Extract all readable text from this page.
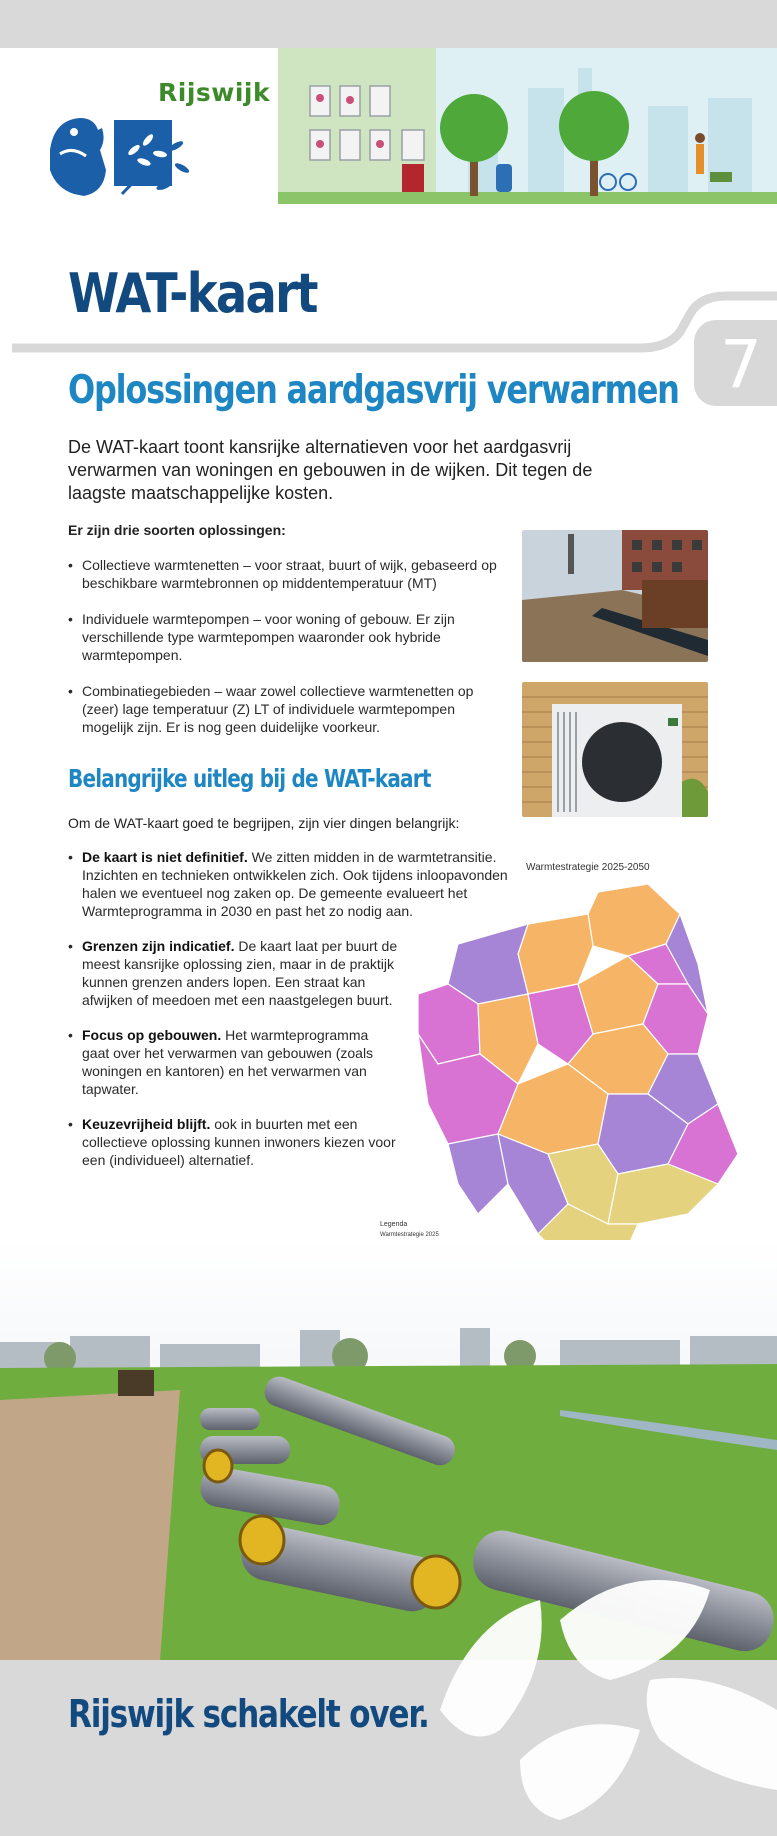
Rijswijk
WAT-kaart
7
Oplossingen aardgasvrij verwarmen

De WAT-kaart toont kansrijke alternatieven voor het aardgasvrij verwarmen van woningen en gebouwen in de wijken. Dit tegen de laagste maatschappelijke kosten.

Er zijn drie soorten oplossingen:
• Collectieve warmtenetten – voor straat, buurt of wijk, gebaseerd op beschikbare warmtebronnen op middentemperatuur (MT)
• Individuele warmtepompen – voor woning of gebouw. Er zijn verschillende type warmtepompen waaronder ook hybride warmtepompen.
• Combinatiegebieden – waar zowel collectieve warmtenetten op (zeer) lage temperatuur (Z) LT of individuele warmtepompen mogelijk zijn. Er is nog geen duidelijke voorkeur.
Belangrijke uitleg bij de WAT-kaart
Om de WAT-kaart goed te begrijpen, zijn vier dingen belangrijk:
• De kaart is niet definitief. We zitten midden in de warmtetransitie. Inzichten en technieken ontwikkelen zich. Ook tijdens inloopavonden halen we eventueel nog zaken op. De gemeente evalueert het Warmteprogramma in 2030 en past het zo nodig aan.
• Grenzen zijn indicatief. De kaart laat per buurt de meest kansrijke oplossing zien, maar in de praktijk kunnen grenzen anders lopen. Een straat kan afwijken of meedoen met een naastgelegen buurt.
• Focus op gebouwen. Het warmteprogramma gaat over het verwarmen van gebouwen (zoals woningen en kantoren) en het verwarmen van tapwater.
• Keuzevrijheid blijft. ook in buurten met een collectieve oplossing kunnen inwoners kiezen voor een (individueel) alternatief.
Warmtestrategie 2025-2050
Legenda
Warmtestrategie 2025
Rijswijk schakelt over.
